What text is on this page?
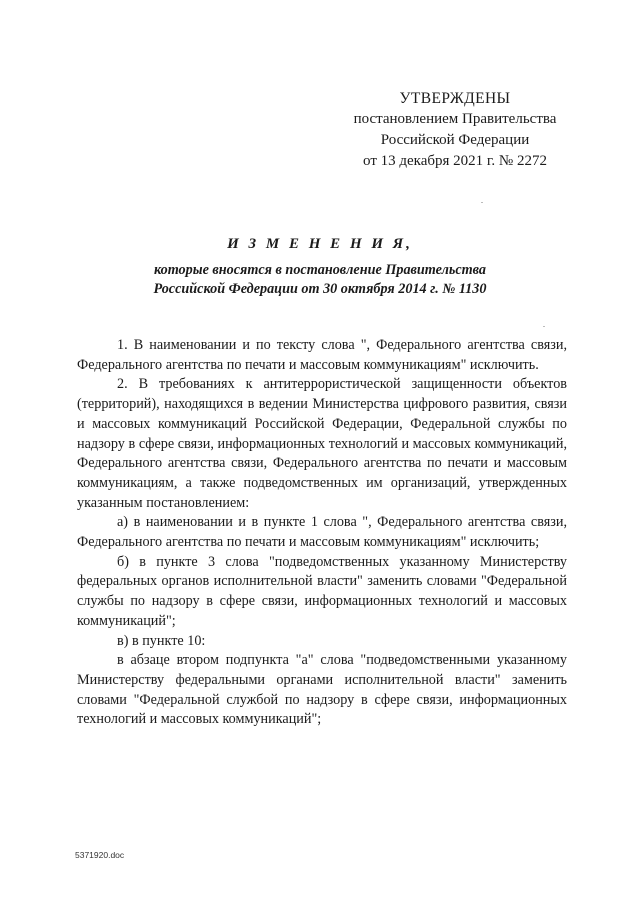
УТВЕРЖДЕНЫ
постановлением Правительства
Российской Федерации
от 13 декабря 2021 г. № 2272
И З М Е Н Е Н И Я,
которые вносятся в постановление Правительства
Российской Федерации от 30 октября 2014 г. № 1130

1. В наименовании и по тексту слова ", Федерального агентства связи, Федерального агентства по печати и массовым коммуникациям" исключить.

2. В требованиях к антитеррористической защищенности объектов (территорий), находящихся в ведении Министерства цифрового развития, связи и массовых коммуникаций Российской Федерации, Федеральной службы по надзору в сфере связи, информационных технологий и массовых коммуникаций, Федерального агентства связи, Федерального агентства по печати и массовым коммуникациям, а также подведомственных им организаций, утвержденных указанным постановлением:

а) в наименовании и в пункте 1 слова ", Федерального агентства связи, Федерального агентства по печати и массовым коммуникациям" исключить;

б) в пункте 3 слова "подведомственных указанному Министерству федеральных органов исполнительной власти" заменить словами "Федеральной службы по надзору в сфере связи, информационных технологий и массовых коммуникаций";

в) в пункте 10:

в абзаце втором подпункта "а" слова "подведомственными указанному Министерству федеральными органами исполнительной власти" заменить словами "Федеральной службой по надзору в сфере связи, информационных технологий и массовых коммуникаций";

5371920.doc
